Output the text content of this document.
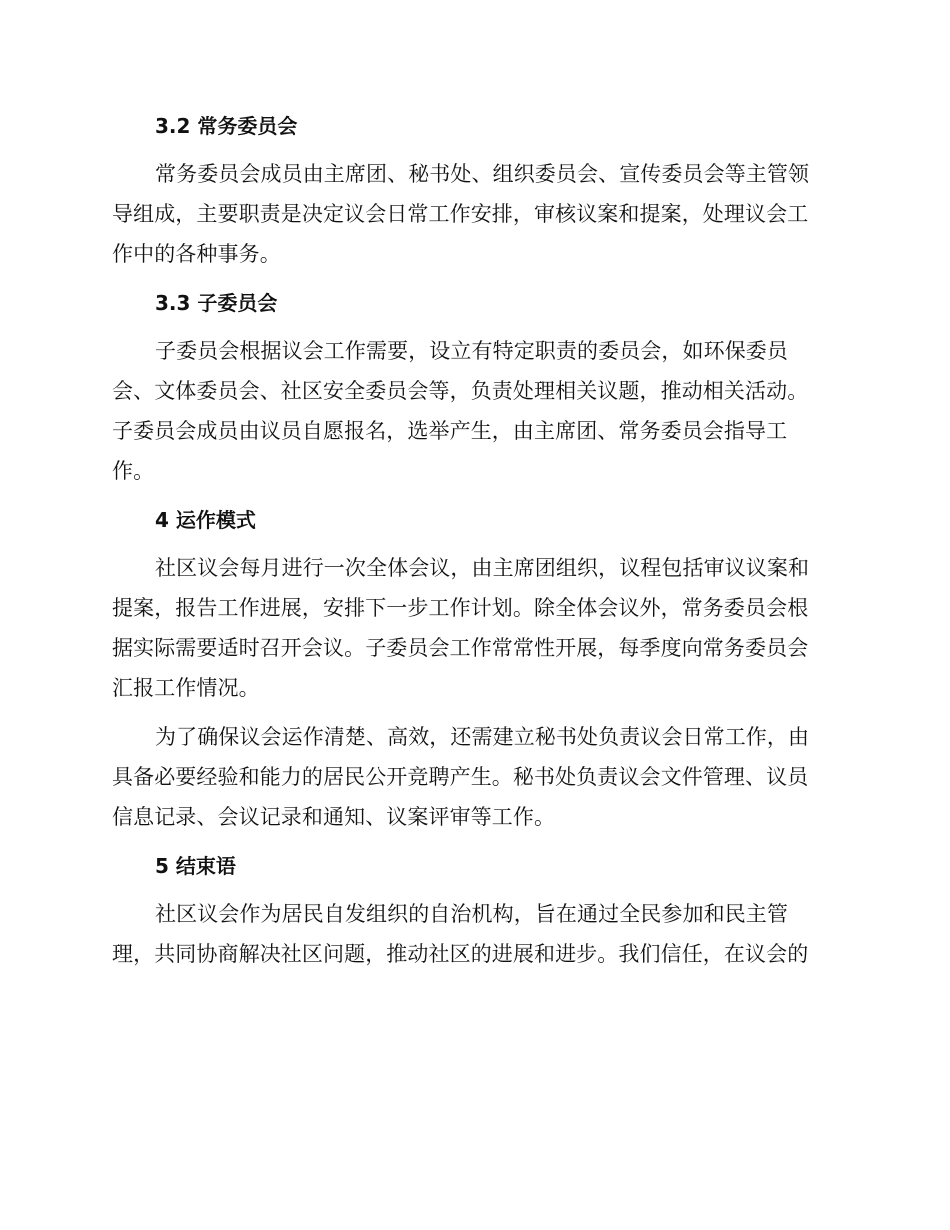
3.2 常务委员会
常务委员会成员由主席团、秘书处、组织委员会、宣传委员会等主管领
导组成，主要职责是决定议会日常工作安排，审核议案和提案，处理议会工
作中的各种事务。
3.3 子委员会
子委员会根据议会工作需要，设立有特定职责的委员会，如环保委员
会、文体委员会、社区安全委员会等，负责处理相关议题，推动相关活动。
子委员会成员由议员自愿报名，选举产生，由主席团、常务委员会指导工
作。
4 运作模式
社区议会每月进行一次全体会议，由主席团组织，议程包括审议议案和
提案，报告工作进展，安排下一步工作计划。除全体会议外，常务委员会根
据实际需要适时召开会议。子委员会工作常常性开展，每季度向常务委员会
汇报工作情况。
为了确保议会运作清楚、高效，还需建立秘书处负责议会日常工作，由
具备必要经验和能力的居民公开竞聘产生。秘书处负责议会文件管理、议员
信息记录、会议记录和通知、议案评审等工作。
5 结束语
社区议会作为居民自发组织的自治机构，旨在通过全民参加和民主管
理，共同协商解决社区问题，推动社区的进展和进步。我们信任，在议会的
